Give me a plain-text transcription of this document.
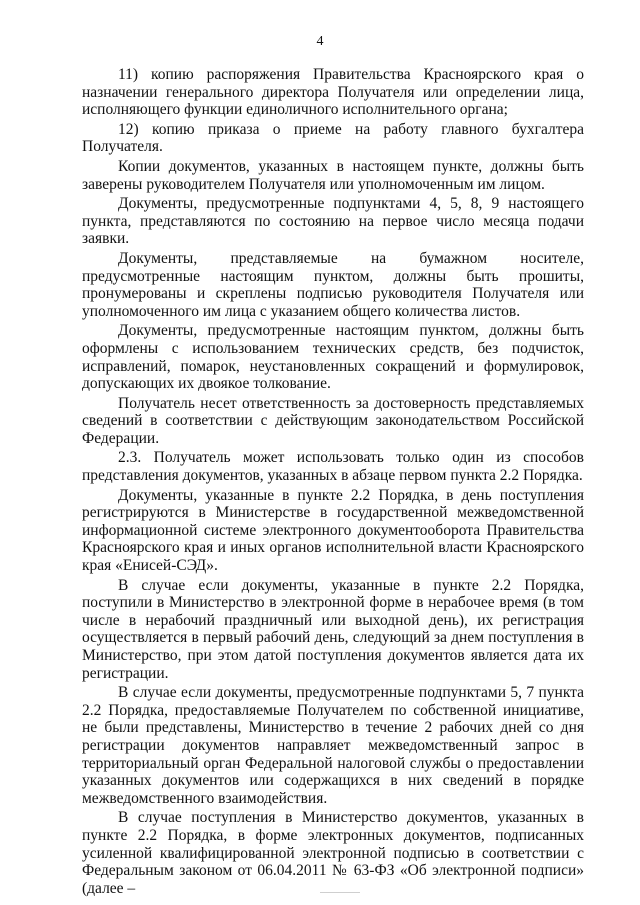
4

11) копию распоряжения Правительства Красноярского края о назначении генерального директора Получателя или определении лица, исполняющего функции единоличного исполнительного органа;

12) копию приказа о приеме на работу главного бухгалтера Получателя.

Копии документов, указанных в настоящем пункте, должны быть заверены руководителем Получателя или уполномоченным им лицом.

Документы, предусмотренные подпунктами 4, 5, 8, 9 настоящего пункта, представляются по состоянию на первое число месяца подачи заявки.

Документы, представляемые на бумажном носителе, предусмотренные настоящим пунктом, должны быть прошиты, пронумерованы и скреплены подписью руководителя Получателя или уполномоченного им лица с указанием общего количества листов.

Документы, предусмотренные настоящим пунктом, должны быть оформлены с использованием технических средств, без подчисток, исправлений, помарок, неустановленных сокращений и формулировок, допускающих их двоякое толкование.

Получатель несет ответственность за достоверность представляемых сведений в соответствии с действующим законодательством Российской Федерации.

2.3. Получатель может использовать только один из способов представления документов, указанных в абзаце первом пункта 2.2 Порядка.

Документы, указанные в пункте 2.2 Порядка, в день поступления регистрируются в Министерстве в государственной межведомственной информационной системе электронного документооборота Правительства Красноярского края и иных органов исполнительной власти Красноярского края «Енисей-СЭД».

В случае если документы, указанные в пункте 2.2 Порядка, поступили в Министерство в электронной форме в нерабочее время (в том числе в нерабочий праздничный или выходной день), их регистрация осуществляется в первый рабочий день, следующий за днем поступления в Министерство, при этом датой поступления документов является дата их регистрации.

В случае если документы, предусмотренные подпунктами 5, 7 пункта 2.2 Порядка, предоставляемые Получателем по собственной инициативе, не были представлены, Министерство в течение 2 рабочих дней со дня регистрации документов направляет межведомственный запрос в территориальный орган Федеральной налоговой службы о предоставлении указанных документов или содержащихся в них сведений в порядке межведомственного взаимодействия.

В случае поступления в Министерство документов, указанных в пункте 2.2 Порядка, в форме электронных документов, подписанных усиленной квалифицированной электронной подписью в соответствии с Федеральным законом от 06.04.2011 № 63-ФЗ «Об электронной подписи» (далее –
